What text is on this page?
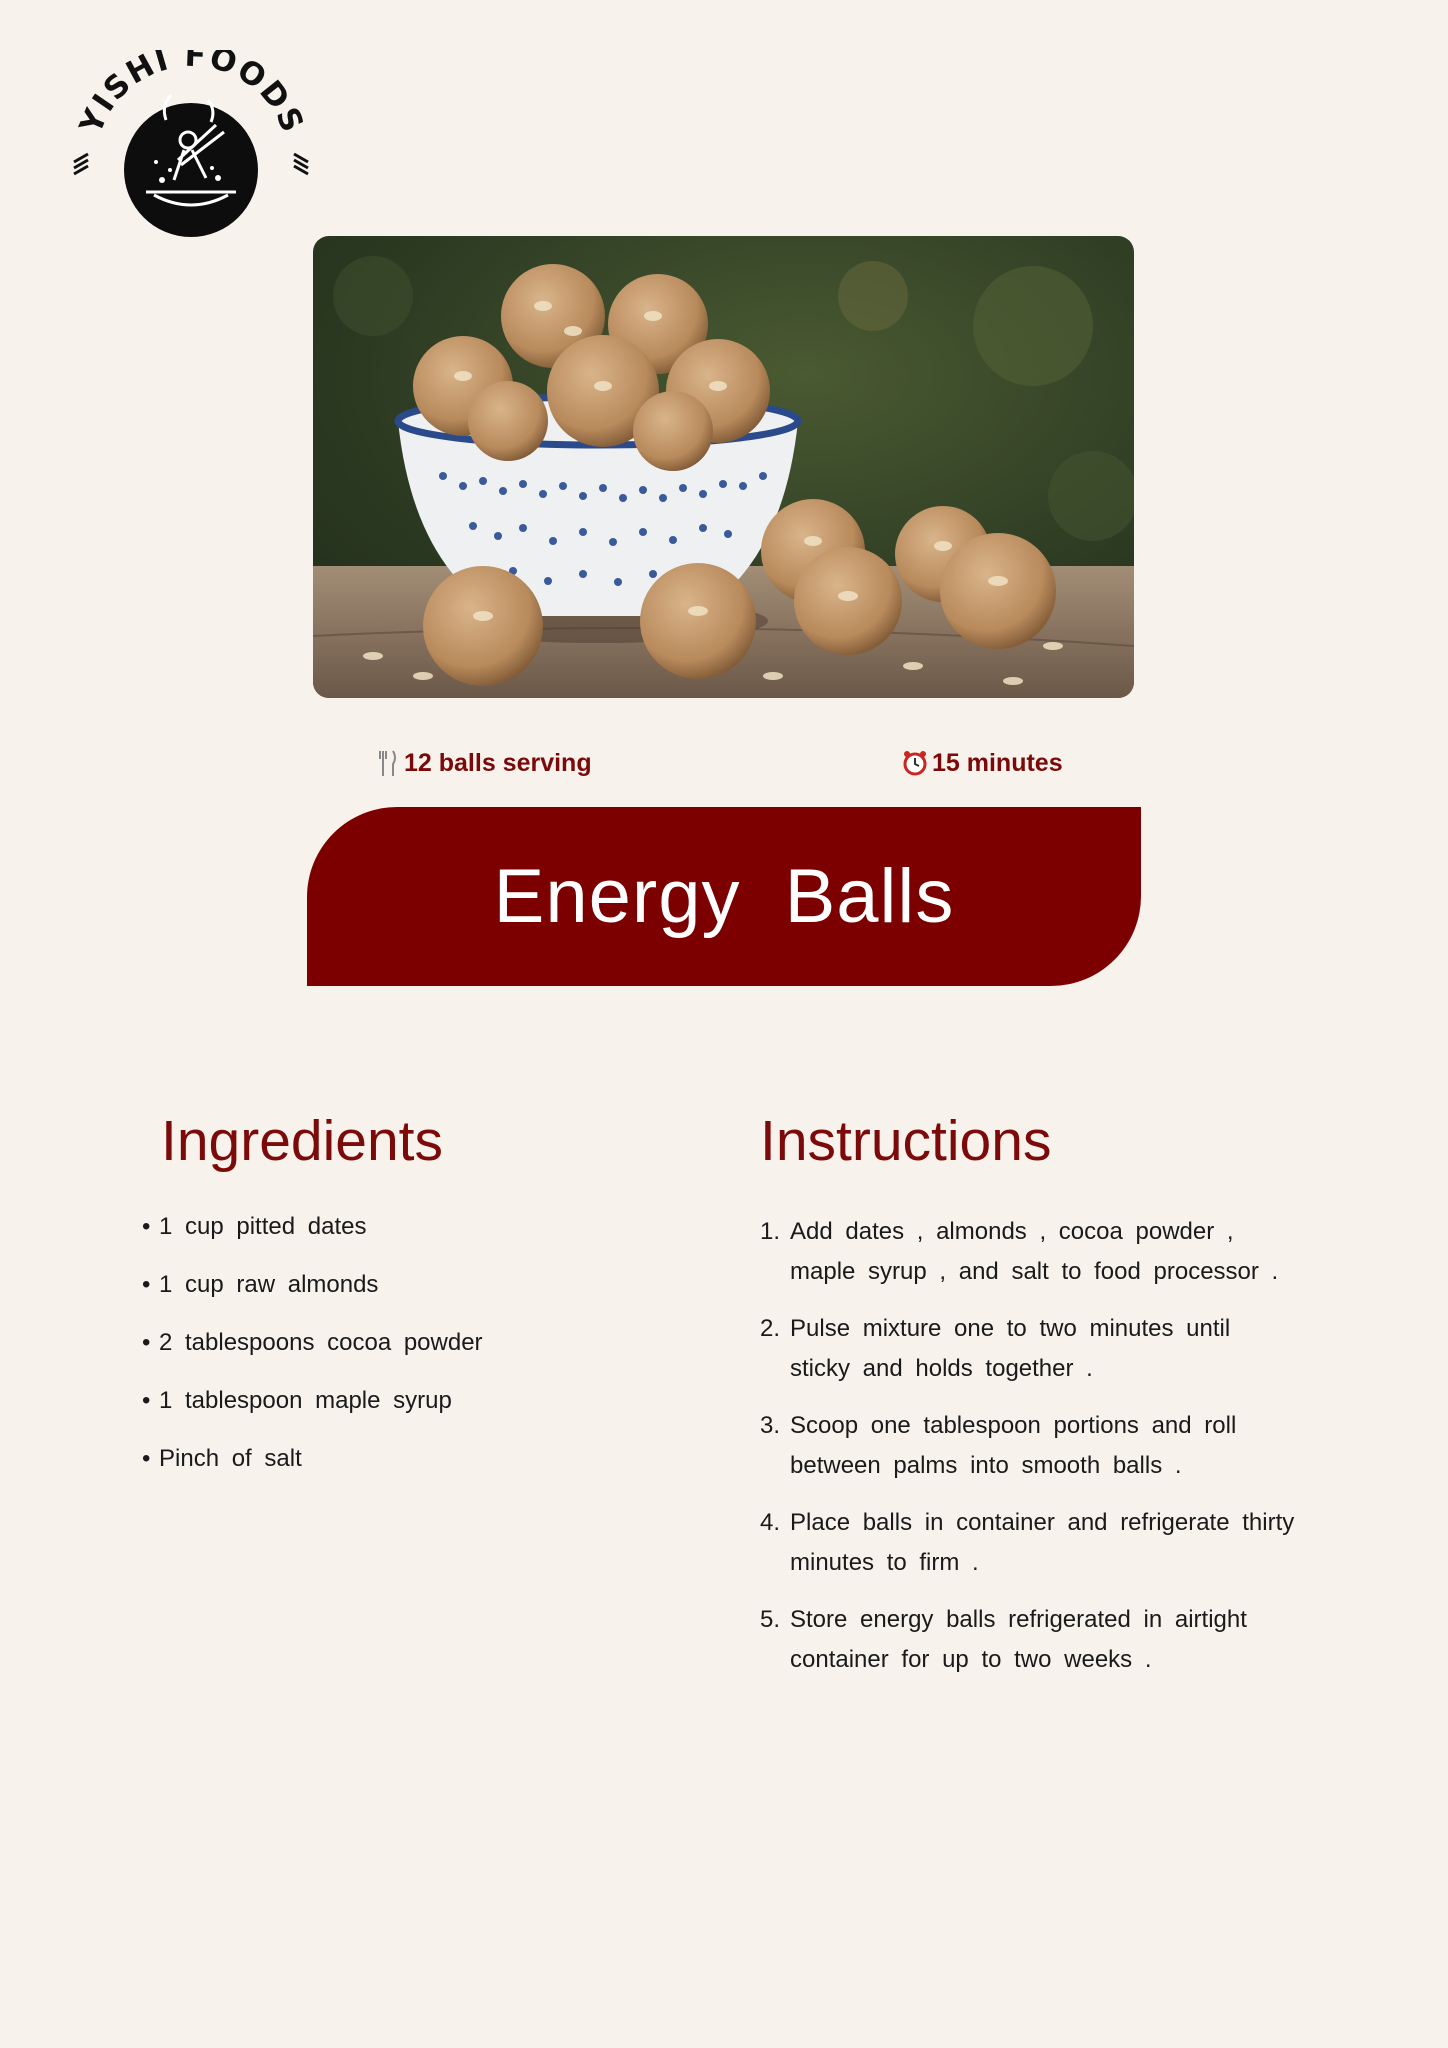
YISHI FOODS
12 balls serving	15 minutes
Energy Balls
Ingredients	Instructions
• 1 cup pitted dates
• 1 cup raw almonds
• 2 tablespoons cocoa powder
• 1 tablespoon maple syrup
• Pinch of salt
1. Add dates , almonds , cocoa powder , maple syrup , and salt to food processor .
2. Pulse mixture one to two minutes until sticky and holds together .
3. Scoop one tablespoon portions and roll between palms into smooth balls .
4. Place balls in container and refrigerate thirty minutes to firm .
5. Store energy balls refrigerated in airtight container for up to two weeks .
